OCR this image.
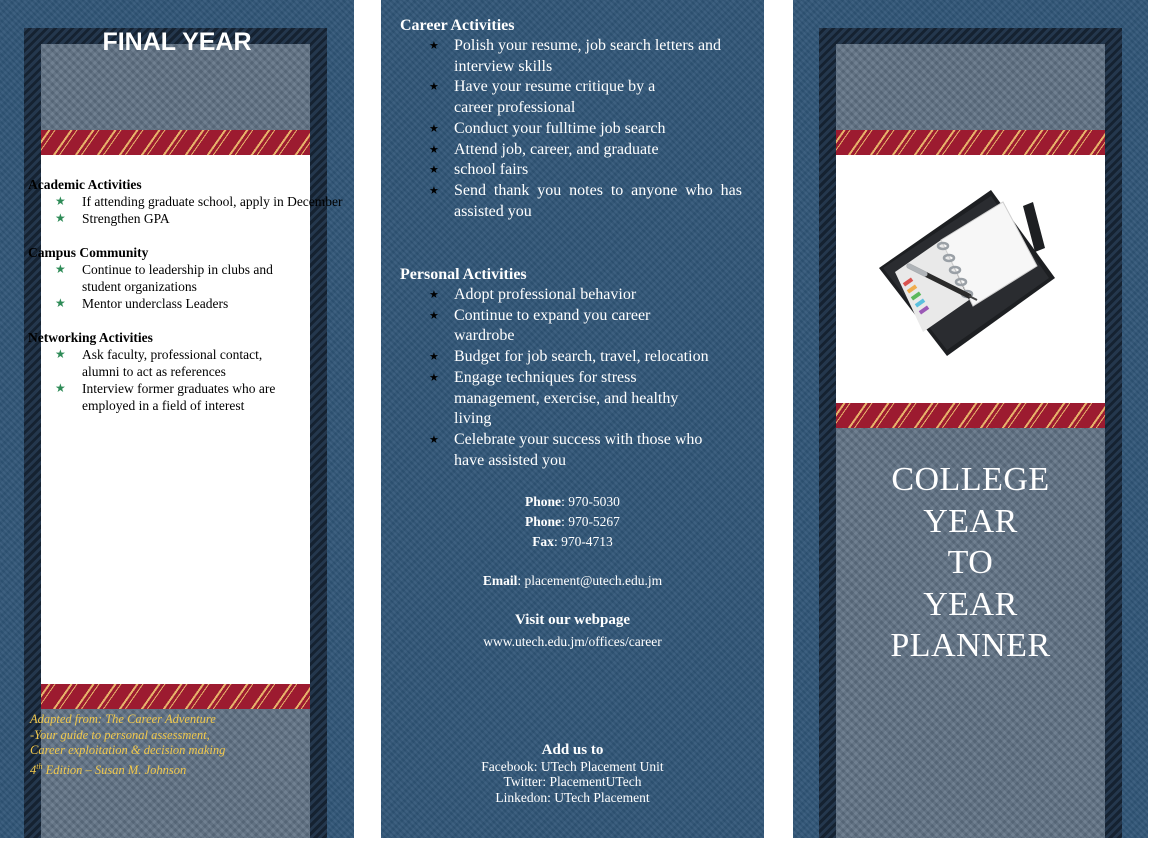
FINAL YEAR

Academic Activities

★ If attending graduate school, apply in December
★ Strengthen GPA

Campus Community

★ Continue to leadership in clubs and student organizations
★ Mentor underclass Leaders

Networking Activities

★ Ask faculty, professional contact, alumni to act as references
★ Interview former graduates who are employed in a field of interest
Adapted from: The Career Adventure
-Your guide to personal assessment,
Career exploitation & decision making
4th Edition – Susan M. Johnson

Career Activities

★ Polish your resume, job search letters and interview skills
★ Have your resume critique by a career professional
★ Conduct your fulltime job search
★ Attend job, career, and graduate
★ school fairs
★ Send thank you notes to anyone who has assisted you

Personal Activities

★ Adopt professional behavior
★ Continue to expand you career wardrobe
★ Budget for job search, travel, relocation
★ Engage techniques for stress management, exercise, and healthy living
★ Celebrate your success with those who have assisted you
Phone: 970-5030
Phone: 970-5267
Fax: 970-4713
Email: placement@utech.edu.jm
Visit our webpage
www.utech.edu.jm/offices/career
Add us to
Facebook: UTech Placement Unit
Twitter: PlacementUTech
Linkedon: UTech Placement
COLLEGE
YEAR
TO
YEAR
PLANNER
